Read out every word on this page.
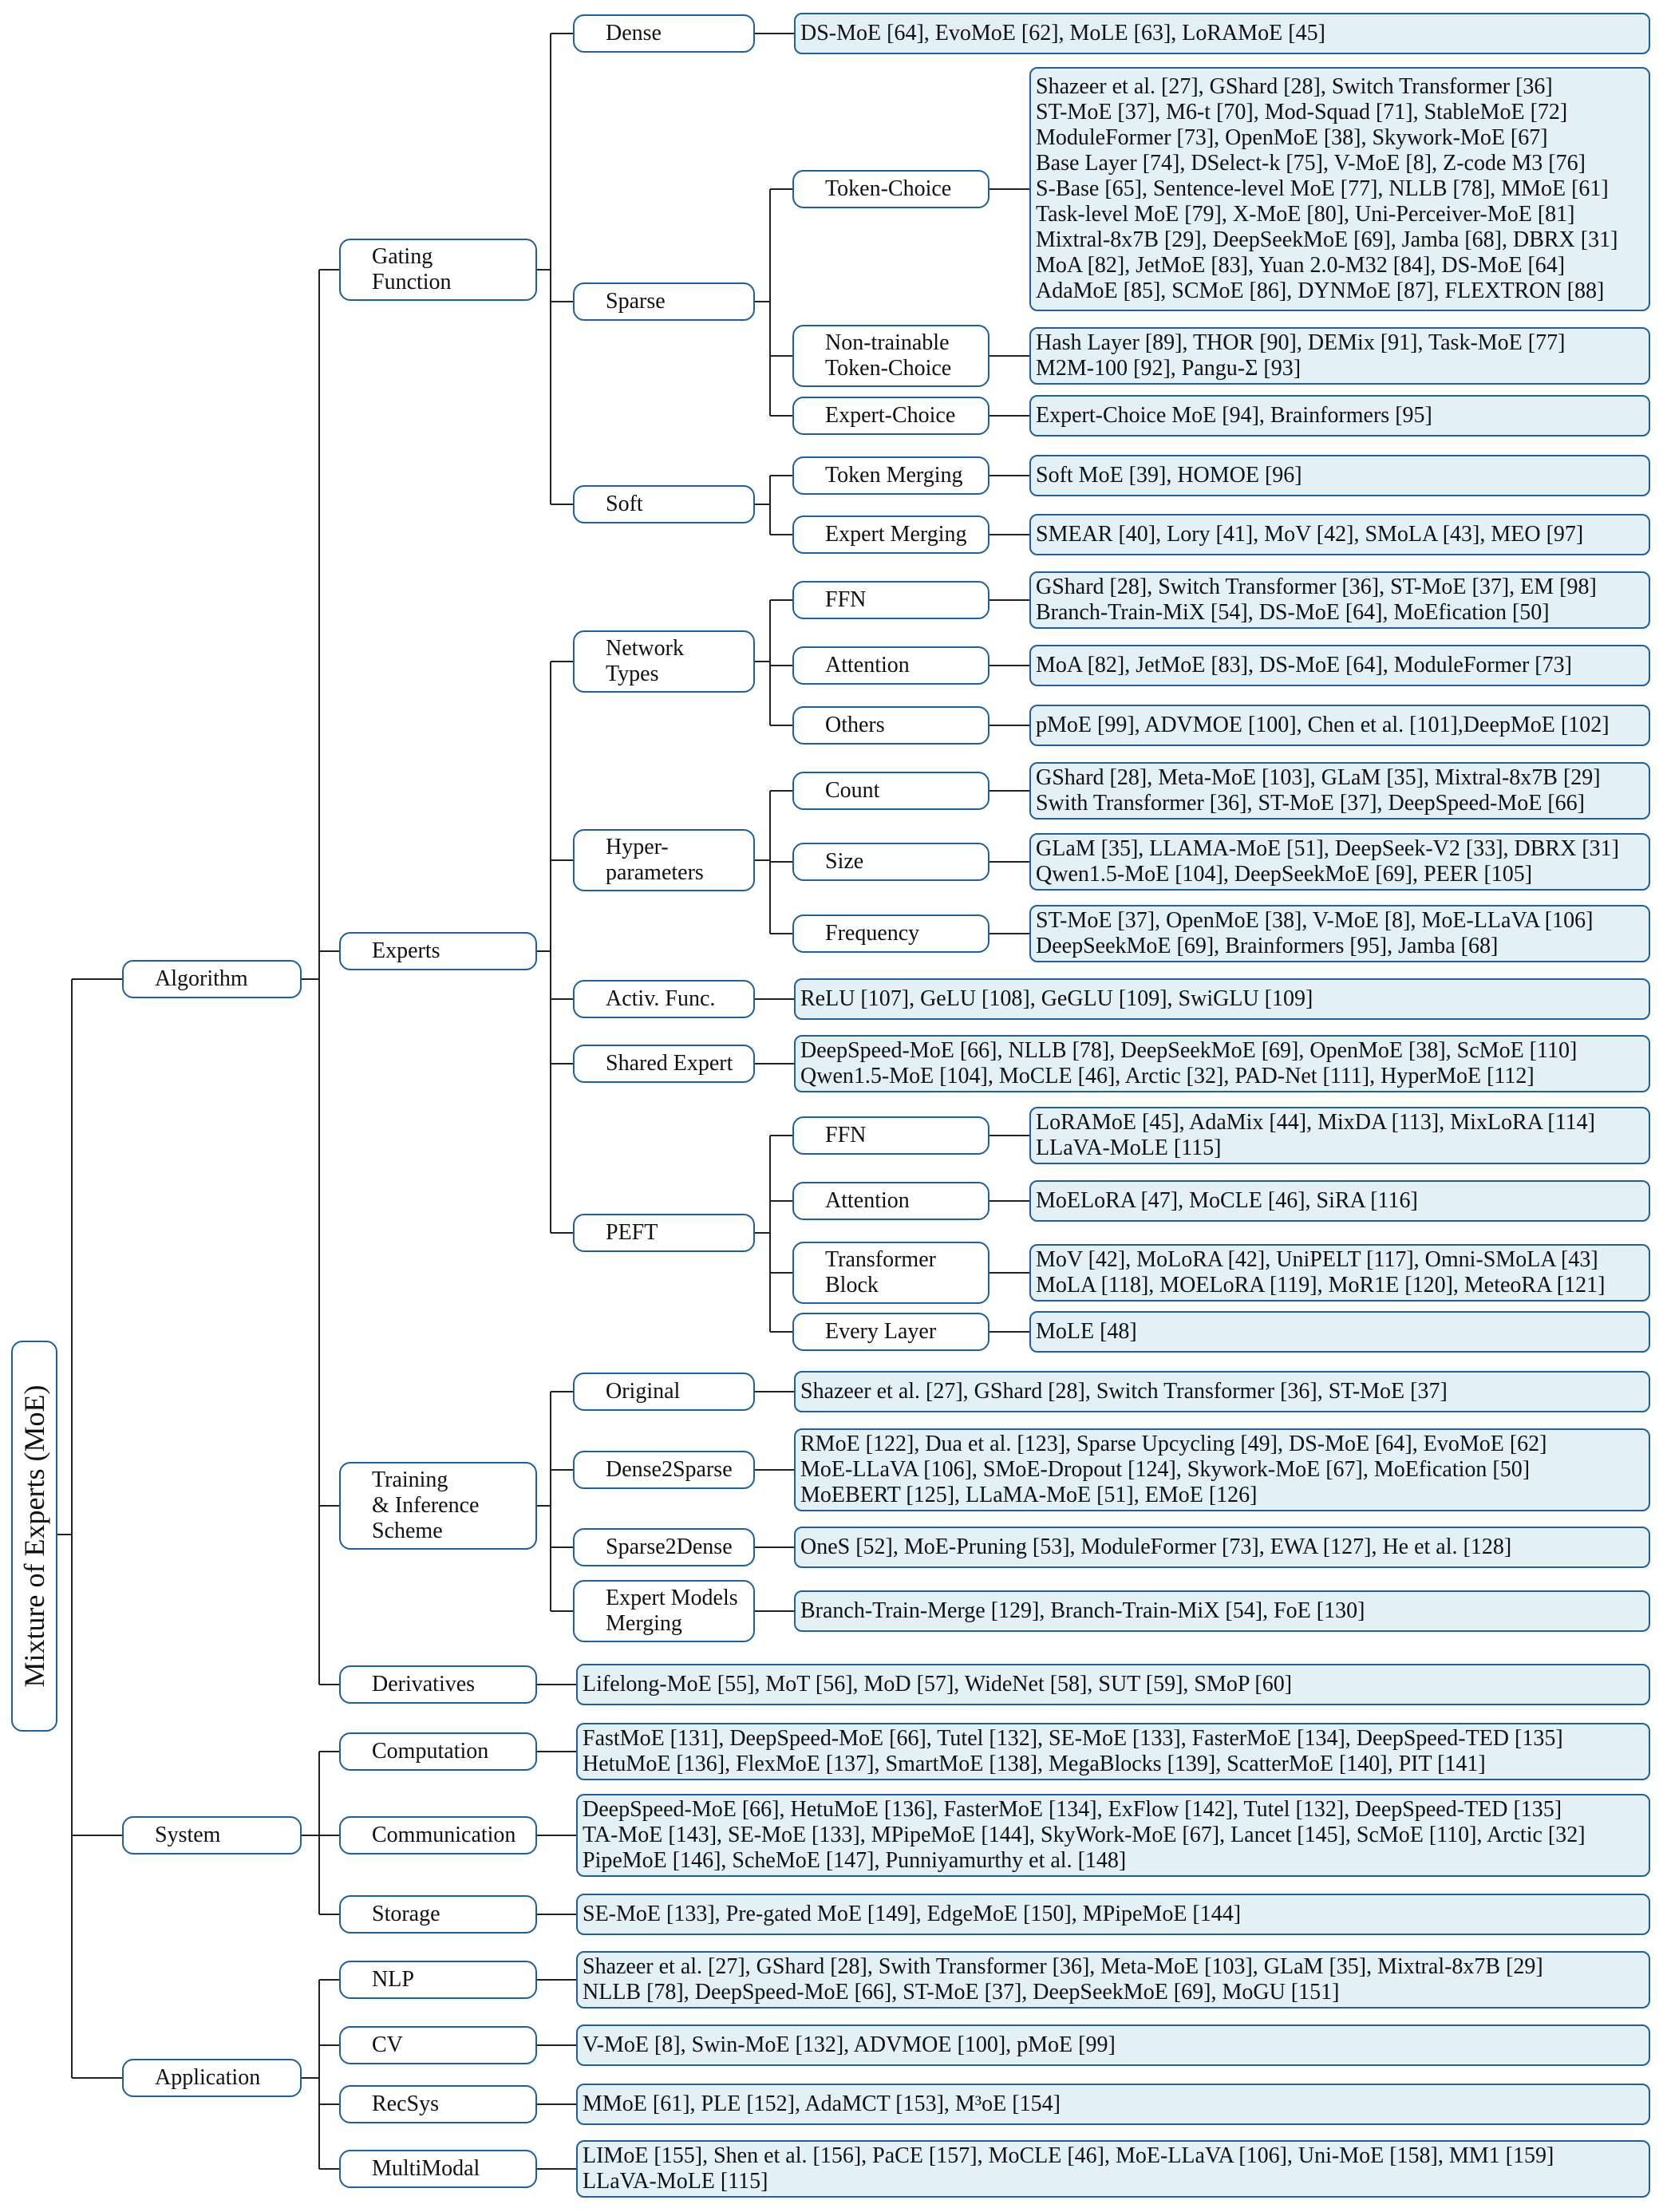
Mixture of Experts (MoE)
Algorithm
System
Application
Gating
Function
Experts
Training
& Inference
Scheme
Derivatives
Computation
Communication
Storage
NLP
CV
RecSys
MultiModal
Dense
Sparse
Soft
Network
Types
Hyper-
parameters
Activ. Func.
Shared Expert
PEFT
Original
Dense2Sparse
Sparse2Dense
Expert Models
Merging
Token-Choice
Non-trainable
Token-Choice
Expert-Choice
Token Merging
Expert Merging
FFN
Attention
Others
Count
Size
Frequency
FFN
Attention
Transformer
Block
Every Layer
Shazeer et al. [27], GShard [28], Switch Transformer [36]
ST-MoE [37], M6-t [70], Mod-Squad [71], StableMoE [72]
ModuleFormer [73], OpenMoE [38], Skywork-MoE [67]
Base Layer [74], DSelect-k [75], V-MoE [8], Z-code M3 [76]
S-Base [65], Sentence-level MoE [77], NLLB [78], MMoE [61]
Task-level MoE [79], X-MoE [80], Uni-Perceiver-MoE [81]
Mixtral-8x7B [29], DeepSeekMoE [69], Jamba [68], DBRX [31]
MoA [82], JetMoE [83], Yuan 2.0-M32 [84], DS-MoE [64]
AdaMoE [85], SCMoE [86], DYNMoE [87], FLEXTRON [88]
Hash Layer [89], THOR [90], DEMix [91], Task-MoE [77]
M2M-100 [92], Pangu-Σ [93]
Expert-Choice MoE [94], Brainformers [95]
Soft MoE [39], HOMOE [96]
SMEAR [40], Lory [41], MoV [42], SMoLA [43], MEO [97]
GShard [28], Switch Transformer [36], ST-MoE [37], EM [98]
Branch-Train-MiX [54], DS-MoE [64], MoEfication [50]
MoA [82], JetMoE [83], DS-MoE [64], ModuleFormer [73]
pMoE [99], ADVMOE [100], Chen et al. [101],DeepMoE [102]
GShard [28], Meta-MoE [103], GLaM [35], Mixtral-8x7B [29]
Swith Transformer [36], ST-MoE [37], DeepSpeed-MoE [66]
GLaM [35], LLAMA-MoE [51], DeepSeek-V2 [33], DBRX [31]
Qwen1.5-MoE [104], DeepSeekMoE [69], PEER [105]
ST-MoE [37], OpenMoE [38], V-MoE [8], MoE-LLaVA [106]
DeepSeekMoE [69], Brainformers [95], Jamba [68]
LoRAMoE [45], AdaMix [44], MixDA [113], MixLoRA [114]
LLaVA-MoLE [115]
MoELoRA [47], MoCLE [46], SiRA [116]
MoV [42], MoLoRA [42], UniPELT [117], Omni-SMoLA [43]
MoLA [118], MOELoRA [119], MoR1E [120], MeteoRA [121]
MoLE [48]
DS-MoE [64], EvoMoE [62], MoLE [63], LoRAMoE [45]
ReLU [107], GeLU [108], GeGLU [109], SwiGLU [109]
DeepSpeed-MoE [66], NLLB [78], DeepSeekMoE [69], OpenMoE [38], ScMoE [110]
Qwen1.5-MoE [104], MoCLE [46], Arctic [32], PAD-Net [111], HyperMoE [112]
Shazeer et al. [27], GShard [28], Switch Transformer [36], ST-MoE [37]
RMoE [122], Dua et al. [123], Sparse Upcycling [49], DS-MoE [64], EvoMoE [62]
MoE-LLaVA [106], SMoE-Dropout [124], Skywork-MoE [67], MoEfication [50]
MoEBERT [125], LLaMA-MoE [51], EMoE [126]
OneS [52], MoE-Pruning [53], ModuleFormer [73], EWA [127], He et al. [128]
Branch-Train-Merge [129], Branch-Train-MiX [54], FoE [130]
Lifelong-MoE [55], MoT [56], MoD [57], WideNet [58], SUT [59], SMoP [60]
FastMoE [131], DeepSpeed-MoE [66], Tutel [132], SE-MoE [133], FasterMoE [134], DeepSpeed-TED [135]
HetuMoE [136], FlexMoE [137], SmartMoE [138], MegaBlocks [139], ScatterMoE [140], PIT [141]
DeepSpeed-MoE [66], HetuMoE [136], FasterMoE [134], ExFlow [142], Tutel [132], DeepSpeed-TED [135]
TA-MoE [143], SE-MoE [133], MPipeMoE [144], SkyWork-MoE [67], Lancet [145], ScMoE [110], Arctic [32]
PipeMoE [146], ScheMoE [147], Punniyamurthy et al. [148]
SE-MoE [133], Pre-gated MoE [149], EdgeMoE [150], MPipeMoE [144]
Shazeer et al. [27], GShard [28], Swith Transformer [36], Meta-MoE [103], GLaM [35], Mixtral-8x7B [29]
NLLB [78], DeepSpeed-MoE [66], ST-MoE [37], DeepSeekMoE [69], MoGU [151]
V-MoE [8], Swin-MoE [132], ADVMOE [100], pMoE [99]
MMoE [61], PLE [152], AdaMCT [153], M³oE [154]
LIMoE [155], Shen et al. [156], PaCE [157], MoCLE [46], MoE-LLaVA [106], Uni-MoE [158], MM1 [159]
LLaVA-MoLE [115]
